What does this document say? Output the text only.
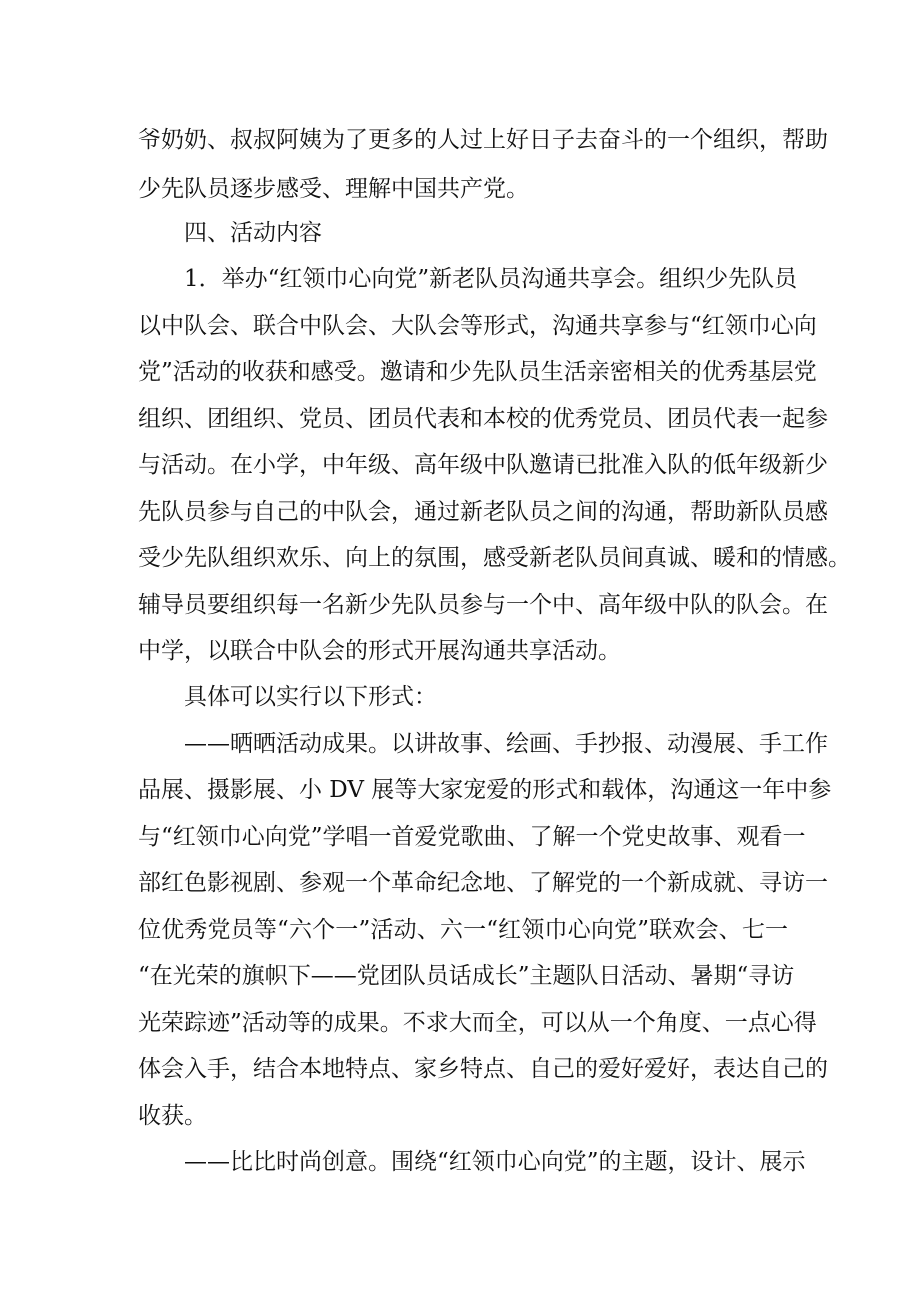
爷奶奶、叔叔阿姨为了更多的人过上好日子去奋斗的一个组织，帮助

少先队员逐步感受、理解中国共产党。

四、活动内容

1．举办“红领巾心向党”新老队员沟通共享会。组织少先队员

以中队会、联合中队会、大队会等形式，沟通共享参与“红领巾心向

党”活动的收获和感受。邀请和少先队员生活亲密相关的优秀基层党

组织、团组织、党员、团员代表和本校的优秀党员、团员代表一起参

与活动。在小学，中年级、高年级中队邀请已批准入队的低年级新少

先队员参与自己的中队会，通过新老队员之间的沟通，帮助新队员感

受少先队组织欢乐、向上的氛围，感受新老队员间真诚、暖和的情感。

辅导员要组织每一名新少先队员参与一个中、高年级中队的队会。在

中学，以联合中队会的形式开展沟通共享活动。

具体可以实行以下形式：

——晒晒活动成果。以讲故事、绘画、手抄报、动漫展、手工作

品展、摄影展、小 DV 展等大家宠爱的形式和载体，沟通这一年中参

与“红领巾心向党”学唱一首爱党歌曲、了解一个党史故事、观看一

部红色影视剧、参观一个革命纪念地、了解党的一个新成就、寻访一

位优秀党员等“六个一”活动、六一“红领巾心向党”联欢会、七一

“在光荣的旗帜下——党团队员话成长”主题队日活动、暑期“寻访

光荣踪迹”活动等的成果。不求大而全，可以从一个角度、一点心得

体会入手，结合本地特点、家乡特点、自己的爱好爱好，表达自己的

收获。

——比比时尚创意。围绕“红领巾心向党”的主题，设计、展示
